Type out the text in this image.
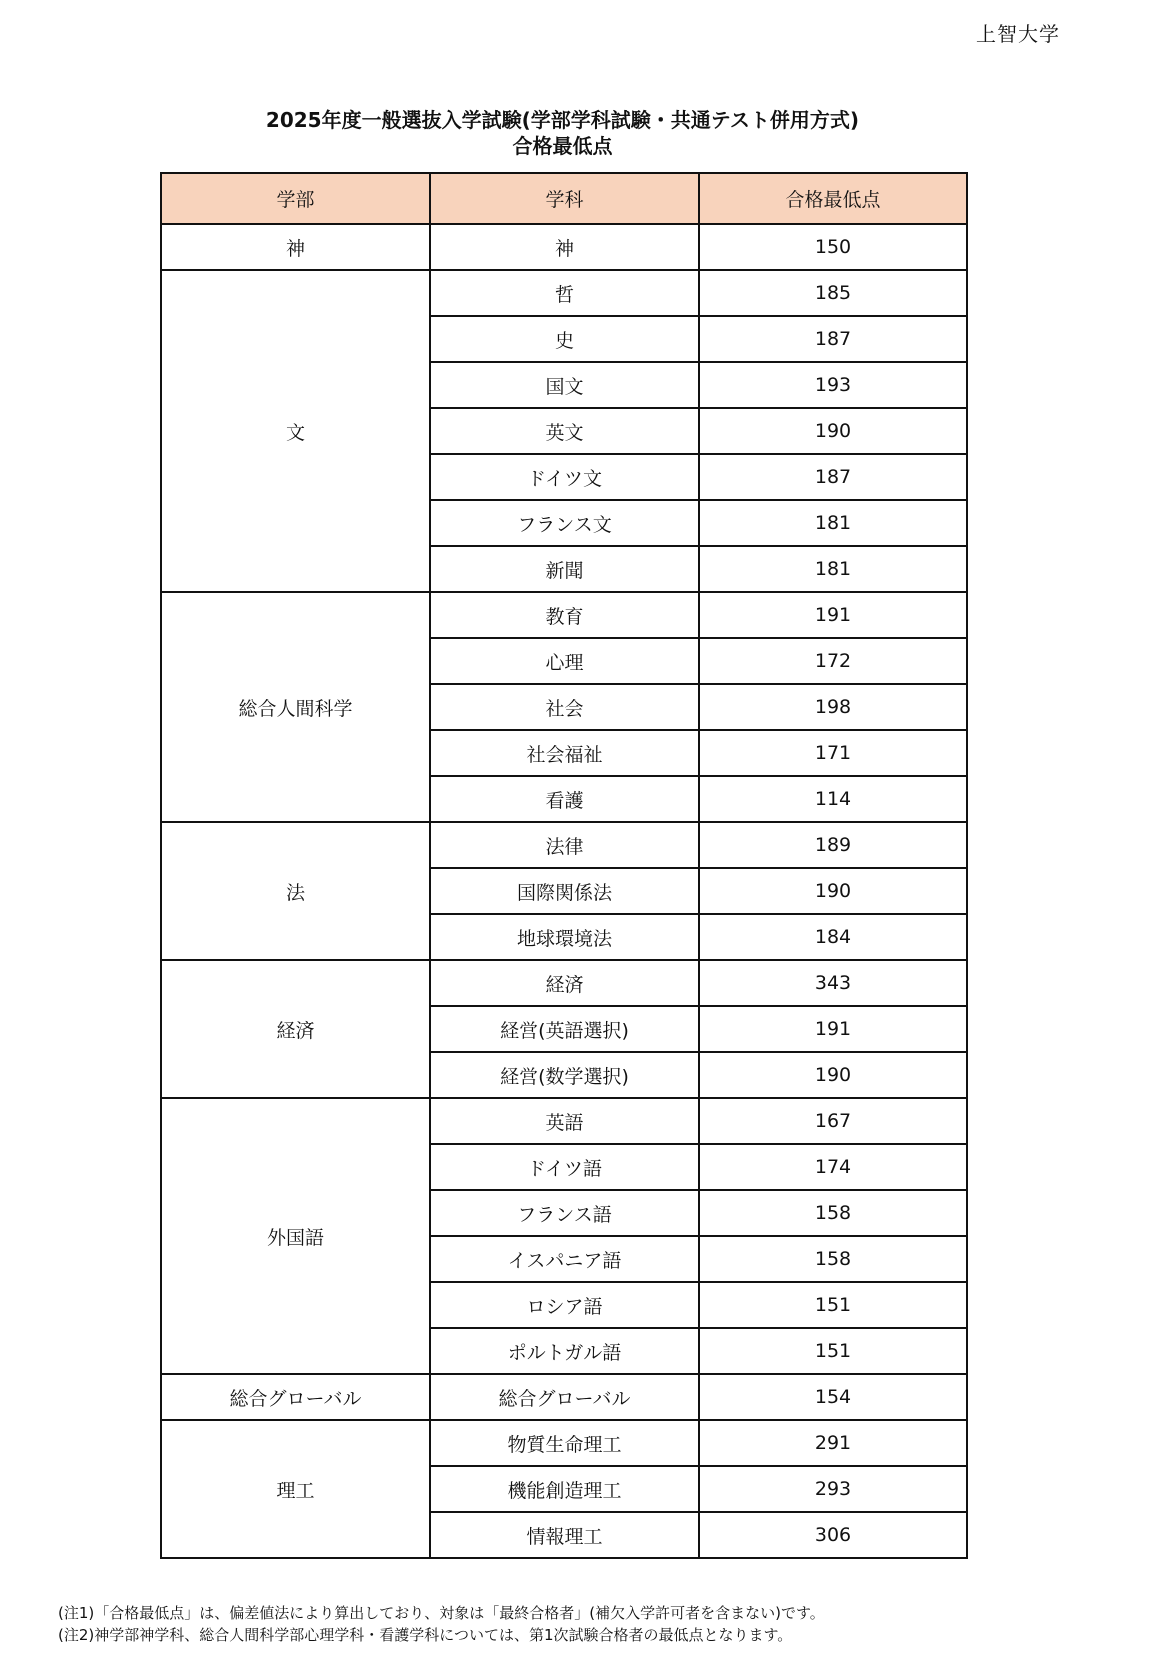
上智大学
2025年度一般選抜入学試験(学部学科試験・共通テスト併用方式)
合格最低点
学部	学科	合格最低点
神	神	150
文	哲	185
	史	187
	国文	193
	英文	190
	ドイツ文	187
	フランス文	181
	新聞	181
総合人間科学	教育	191
	心理	172
	社会	198
	社会福祉	171
	看護	114
法	法律	189
	国際関係法	190
	地球環境法	184
経済	経済	343
	経営(英語選択)	191
	経営(数学選択)	190
外国語	英語	167
	ドイツ語	174
	フランス語	158
	イスパニア語	158
	ロシア語	151
	ポルトガル語	151
総合グローバル	総合グローバル	154
理工	物質生命理工	291
	機能創造理工	293
	情報理工	306
(注1)「合格最低点」は、偏差値法により算出しており、対象は「最終合格者」(補欠入学許可者を含まない)です。
(注2)神学部神学科、総合人間科学部心理学科・看護学科については、第1次試験合格者の最低点となります。
